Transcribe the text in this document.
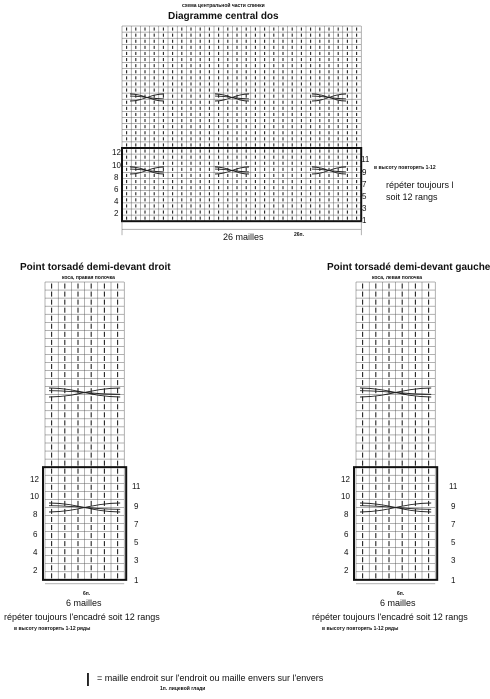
схема центральной части спинки
Diagramme central dos
12
10
8
6
4
2
11
9
7
5
3
1
в высоту повторять 1-12
répéter toujours l
soit 12 rangs
26 mailles	26п.
Point torsadé demi-devant droit
коса, правая полочка
12
10
8
6
4
2
11
9
7
5
3
1
6п.
6 mailles
répéter toujours l'encadré soit 12 rangs
в высоту повторять 1-12 ряды
Point torsadé demi-devant gauche
коса, левая полочка
12
10
8
6
4
2
11
9
7
5
3
1
6п.
6 mailles
répéter toujours l'encadré soit 12 rangs
в высоту повторять 1-12 ряды
| = maille endroit sur l'endroit ou maille envers sur l'envers
1п. лицевой глади
